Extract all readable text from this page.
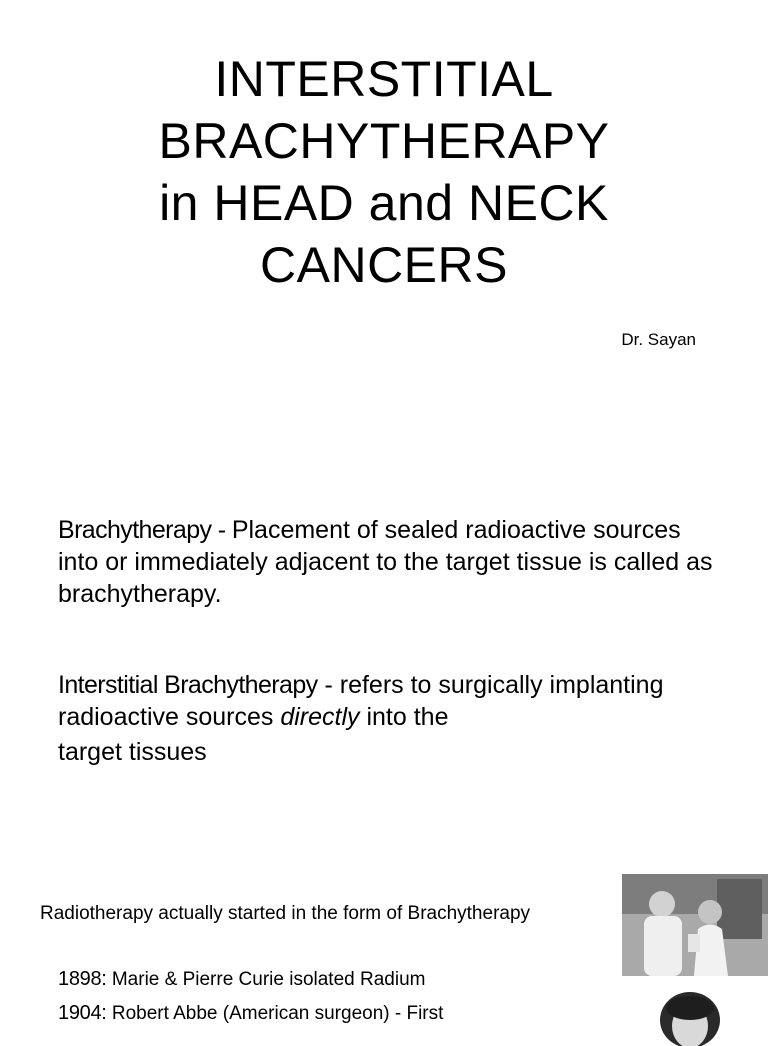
INTERSTITIAL
BRACHYTHERAPY
in HEAD and NECK
CANCERS
Dr. Sayan
Brachytherapy - Placement of sealed radioactive sources into or immediately adjacent to the target tissue is called as brachytherapy.
Interstitial Brachytherapy - refers to surgically implanting radioactive sources directly into the
target tissues
Radiotherapy actually started in the form of Brachytherapy
1898: Marie & Pierre Curie isolated Radium
1904: Robert Abbe (American surgeon) - First
